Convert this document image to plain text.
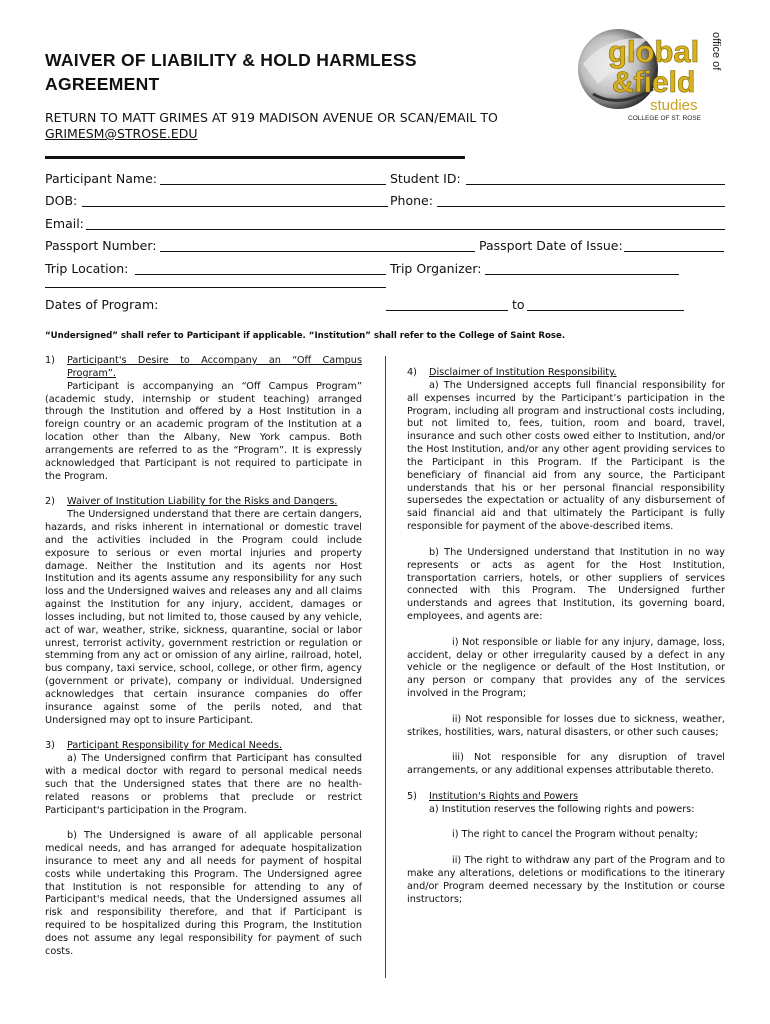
WAIVER OF LIABILITY & HOLD HARMLESS AGREEMENT
global
&field
studies
COLLEGE OF ST. ROSE
office of
RETURN TO MATT GRIMES AT 919 MADISON AVENUE OR SCAN/EMAIL TO
GRIMESM@STROSE.EDU
Participant Name:	Student ID:
DOB:	Phone:
Email:
Passport Number:	Passport Date of Issue:
Trip Location:	Trip Organizer:
Dates of Program:	to
“Undersigned” shall refer to Participant if applicable. “Institution” shall refer to the College of Saint Rose.
1)	Participant's Desire to Accompany an “Off Campus Program”.

Participant is accompanying an “Off Campus Program” (academic study, internship or student teaching) arranged through the Institution and offered by a Host Institution in a foreign country or an academic program of the Institution at a location other than the Albany, New York campus. Both arrangements are referred to as the “Program”. It is expressly acknowledged that Participant is not required to participate in the Program.

2)	Waiver of Institution Liability for the Risks and Dangers.

The Undersigned understand that there are certain dangers, hazards, and risks inherent in international or domestic travel and the activities included in the Program could include exposure to serious or even mortal injuries and property damage. Neither the Institution and its agents nor Host Institution and its agents assume any responsibility for any such loss and the Undersigned waives and releases any and all claims against the Institution for any injury, accident, damages or losses including, but not limited to, those caused by any vehicle, act of war, weather, strike, sickness, quarantine, social or labor unrest, terrorist activity, government restriction or regulation or stemming from any act or omission of any airline, railroad, hotel, bus company, taxi service, school, college, or other firm, agency (government or private), company or individual. Undersigned acknowledges that certain insurance companies do offer insurance against some of the perils noted, and that Undersigned may opt to insure Participant.

3)	Participant Responsibility for Medical Needs.

a) The Undersigned confirm that Participant has consulted with a medical doctor with regard to personal medical needs such that the Undersigned states that there are no health-related reasons or problems that preclude or restrict Participant's participation in the Program.

b) The Undersigned is aware of all applicable personal medical needs, and has arranged for adequate hospitalization insurance to meet any and all needs for payment of hospital costs while undertaking this Program. The Undersigned agree that Institution is not responsible for attending to any of Participant's medical needs, that the Undersigned assumes all risk and responsibility therefore, and that if Participant is required to be hospitalized during this Program, the Institution does not assume any legal responsibility for payment of such costs.

4)	Disclaimer of Institution Responsibility.

a) The Undersigned accepts full financial responsibility for all expenses incurred by the Participant’s participation in the Program, including all program and instructional costs including, but not limited to, fees, tuition, room and board, travel, insurance and such other costs owed either to Institution, and/or the Host Institution, and/or any other agent providing services to the Participant in this Program. If the Participant is the beneficiary of financial aid from any source, the Participant understands that his or her personal financial responsibility supersedes the expectation or actuality of any disbursement of said financial aid and that ultimately the Participant is fully responsible for payment of the above-described items.

b) The Undersigned understand that Institution in no way represents or acts as agent for the Host Institution, transportation carriers, hotels, or other suppliers of services connected with this Program. The Undersigned further understands and agrees that Institution, its governing board, employees, and agents are:

i) Not responsible or liable for any injury, damage, loss, accident, delay or other irregularity caused by a defect in any vehicle or the negligence or default of the Host Institution, or any person or company that provides any of the services involved in the Program;

ii) Not responsible for losses due to sickness, weather, strikes, hostilities, wars, natural disasters, or other such causes;

iii) Not responsible for any disruption of travel arrangements, or any additional expenses attributable thereto.

5)	Institution's Rights and Powers

a) Institution reserves the following rights and powers:

i) The right to cancel the Program without penalty;

ii) The right to withdraw any part of the Program and to make any alterations, deletions or modifications to the itinerary and/or Program deemed necessary by the Institution or course instructors;
